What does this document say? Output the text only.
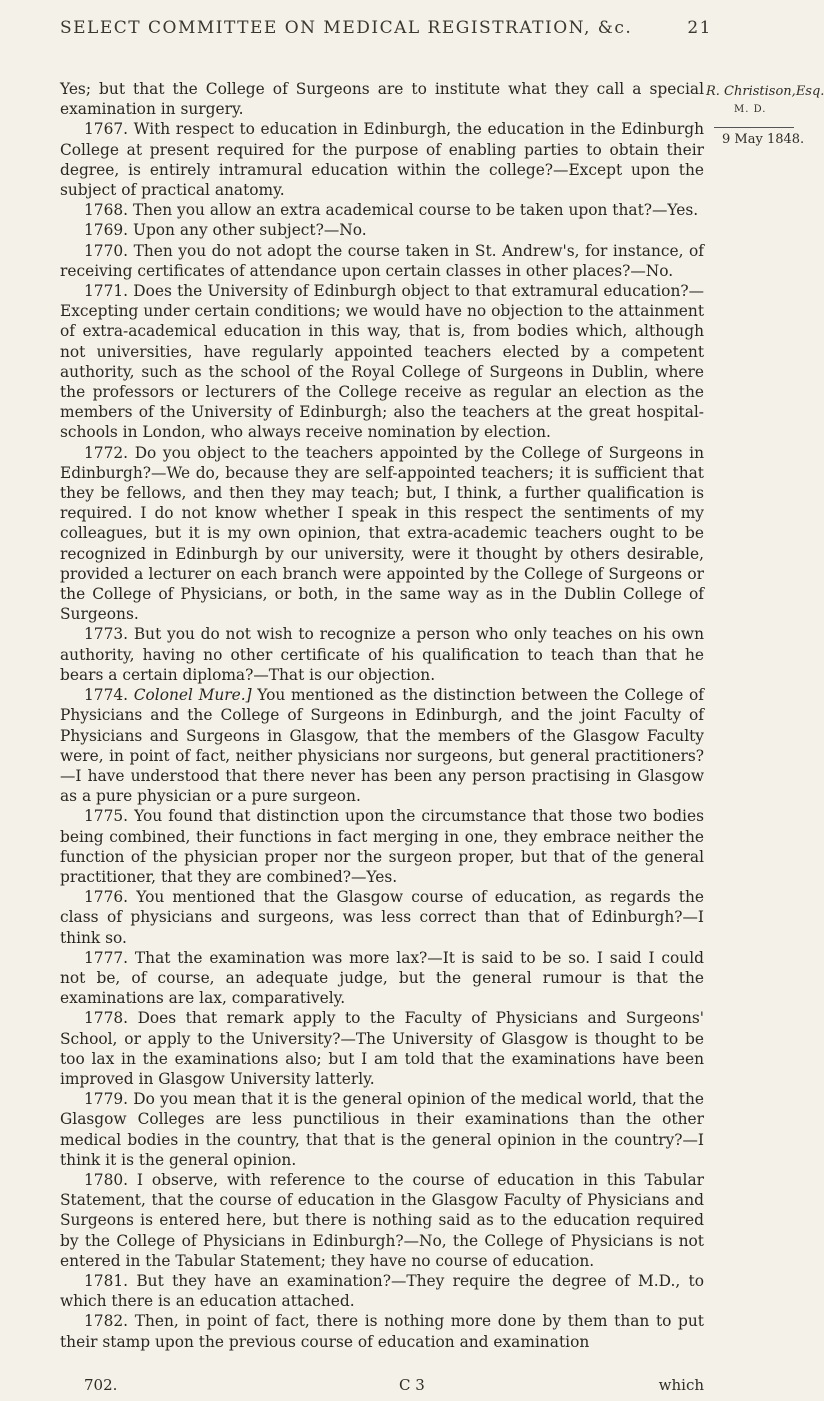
SELECT COMMITTEE ON MEDICAL REGISTRATION, &c.	21
R. Christison,Esq.
M. D.
9 May 1848.

Yes; but that the College of Surgeons are to institute what they call a special examination in surgery.

1767. With respect to education in Edinburgh, the education in the Edinburgh College at present required for the purpose of enabling parties to obtain their degree, is entirely intramural education within the college?—Except upon the subject of practical anatomy.

1768. Then you allow an extra academical course to be taken upon that?—Yes.

1769. Upon any other subject?—No.

1770. Then you do not adopt the course taken in St. Andrew's, for instance, of receiving certificates of attendance upon certain classes in other places?—No.

1771. Does the University of Edinburgh object to that extramural education?—Excepting under certain conditions; we would have no objection to the attainment of extra-academical education in this way, that is, from bodies which, although not universities, have regularly appointed teachers elected by a competent authority, such as the school of the Royal College of Surgeons in Dublin, where the professors or lecturers of the College receive as regular an election as the members of the University of Edinburgh; also the teachers at the great hospital-schools in London, who always receive nomination by election.

1772. Do you object to the teachers appointed by the College of Surgeons in Edinburgh?—We do, because they are self-appointed teachers; it is sufficient that they be fellows, and then they may teach; but, I think, a further qualification is required. I do not know whether I speak in this respect the sentiments of my colleagues, but it is my own opinion, that extra-academic teachers ought to be recognized in Edinburgh by our university, were it thought by others desirable, provided a lecturer on each branch were appointed by the College of Surgeons or the College of Physicians, or both, in the same way as in the Dublin College of Surgeons.

1773. But you do not wish to recognize a person who only teaches on his own authority, having no other certificate of his qualification to teach than that he bears a certain diploma?—That is our objection.

1774. Colonel Mure.] You mentioned as the distinction between the College of Physicians and the College of Surgeons in Edinburgh, and the joint Faculty of Physicians and Surgeons in Glasgow, that the members of the Glasgow Faculty were, in point of fact, neither physicians nor surgeons, but general practitioners?—I have understood that there never has been any person practising in Glasgow as a pure physician or a pure surgeon.

1775. You found that distinction upon the circumstance that those two bodies being combined, their functions in fact merging in one, they embrace neither the function of the physician proper nor the surgeon proper, but that of the general practitioner, that they are combined?—Yes.

1776. You mentioned that the Glasgow course of education, as regards the class of physicians and surgeons, was less correct than that of Edinburgh?—I think so.

1777. That the examination was more lax?—It is said to be so. I said I could not be, of course, an adequate judge, but the general rumour is that the examinations are lax, comparatively.

1778. Does that remark apply to the Faculty of Physicians and Surgeons' School, or apply to the University?—The University of Glasgow is thought to be too lax in the examinations also; but I am told that the examinations have been improved in Glasgow University latterly.

1779. Do you mean that it is the general opinion of the medical world, that the Glasgow Colleges are less punctilious in their examinations than the other medical bodies in the country, that that is the general opinion in the country?—I think it is the general opinion.

1780. I observe, with reference to the course of education in this Tabular Statement, that the course of education in the Glasgow Faculty of Physicians and Surgeons is entered here, but there is nothing said as to the education required by the College of Physicians in Edinburgh?—No, the College of Physicians is not entered in the Tabular Statement; they have no course of education.

1781. But they have an examination?—They require the degree of M.D., to which there is an education attached.

1782. Then, in point of fact, there is nothing more done by them than to put their stamp upon the previous course of education and examination

702.	C 3	which
